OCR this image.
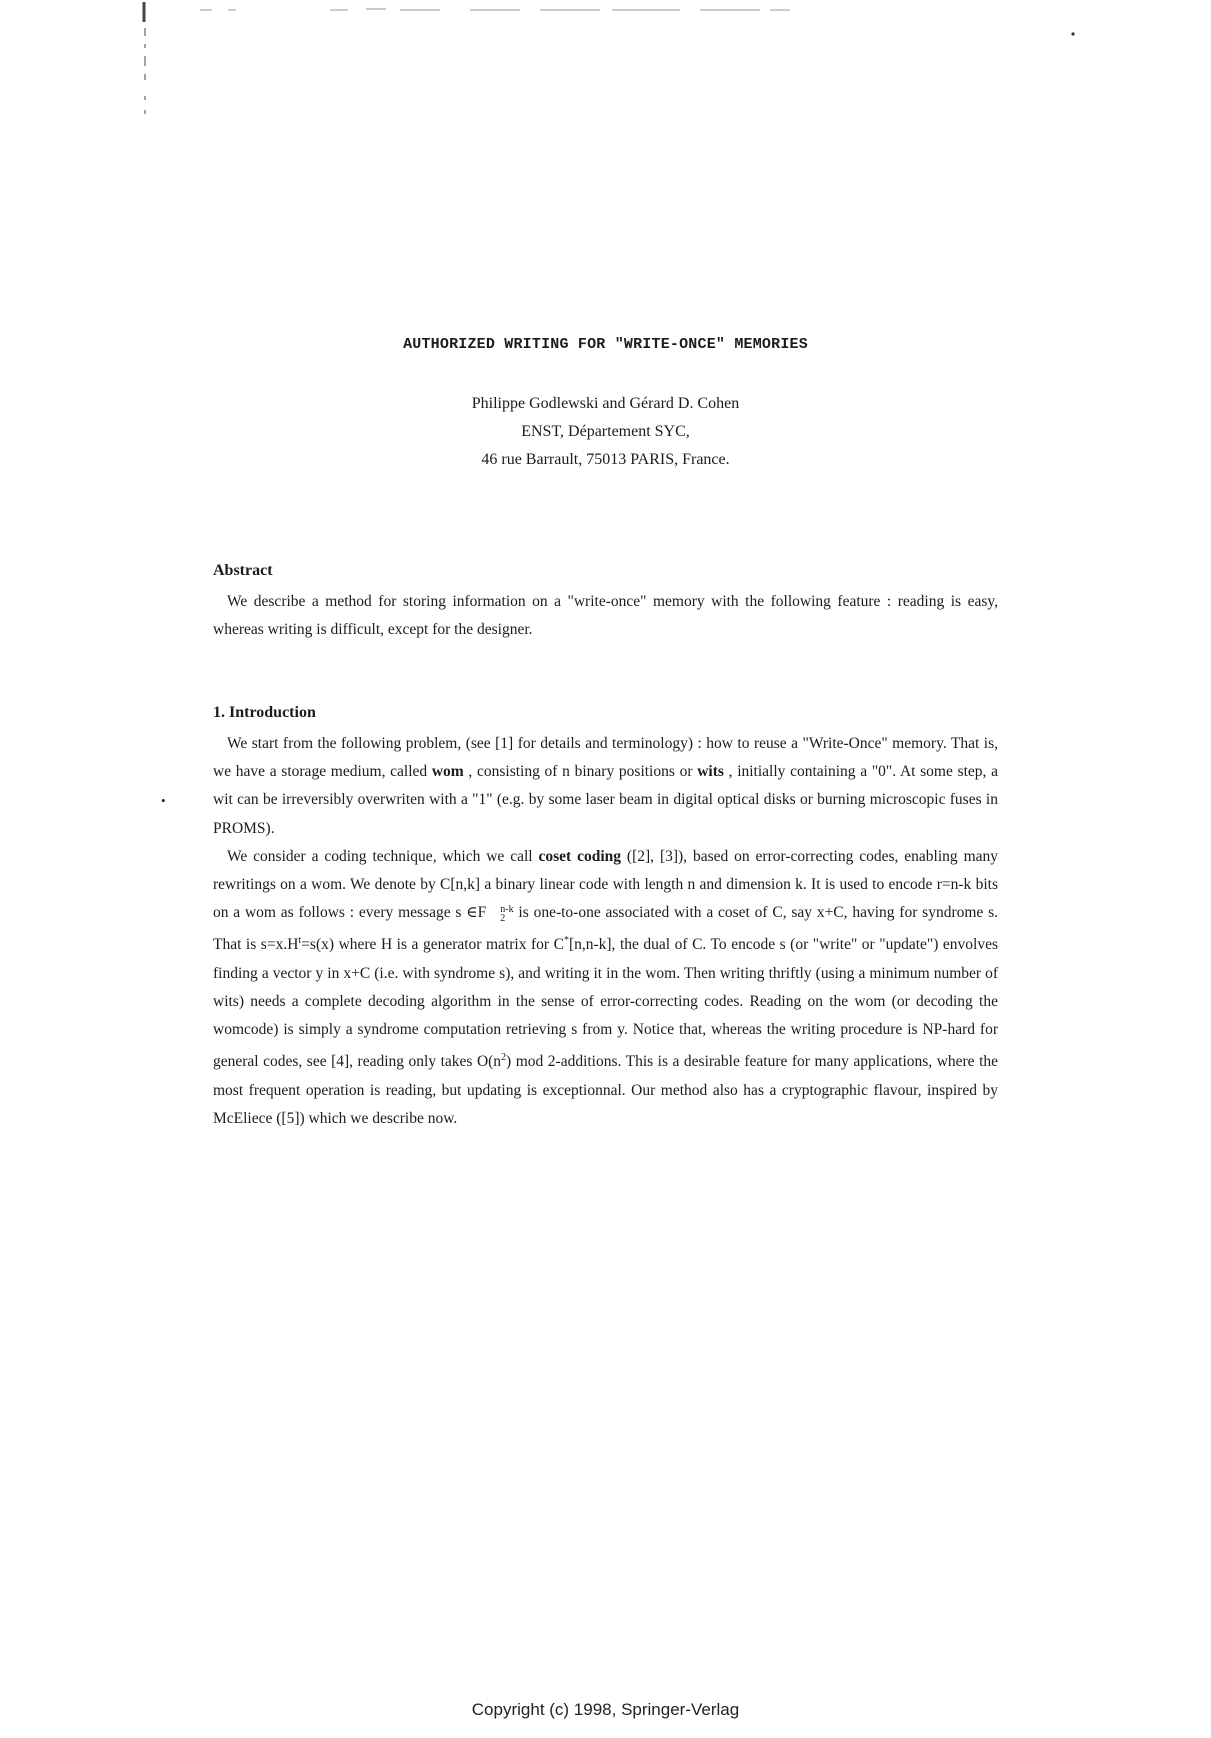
AUTHORIZED WRITING FOR "WRITE-ONCE" MEMORIES
Philippe Godlewski and Gérard D. Cohen
ENST, Département SYC,
46 rue Barrault, 75013 PARIS, France.
Abstract

We describe a method for storing information on a "write-once" memory with the following feature : reading is easy, whereas writing is difficult, except for the designer.

1. Introduction

We start from the following problem, (see [1] for details and terminology) : how to reuse a "Write-Once" memory. That is, we have a storage medium, called wom , consisting of n binary positions or wits , initially containing a "0". At some step, a wit can be irreversibly overwriten with a "1" (e.g. by some laser beam in digital optical disks or burning microscopic fuses in PROMS).

We consider a coding technique, which we call coset coding ([2], [3]), based on error-correcting codes, enabling many rewritings on a wom. We denote by C[n,k] a binary linear code with length n and dimension k. It is used to encode r=n-k bits on a wom as follows : every message s ∈F	n-k
2 is one-to-one associated with a coset of C, say x+C, having for syndrome s. That is $s=x.H^t=s(x)$ where H is a generator matrix for C*[n,n-k], the dual of C. To encode s (or "write" or "update") envolves finding a vector y in x+C (i.e. with syndrome s), and writing it in the wom. Then writing thriftly (using a minimum number of wits) needs a complete decoding algorithm in the sense of error-correcting codes. Reading on the wom (or decoding the womcode) is simply a syndrome computation retrieving s from y. Notice that, whereas the writing procedure is NP-hard for general codes, see [4], reading only takes $O(n^2)$ mod 2-additions. This is a desirable feature for many applications, where the most frequent operation is reading, but updating is exceptionnal. Our method also has a cryptographic flavour, inspired by McEliece ([5]) which we describe now.

•
Copyright (c) 1998, Springer-Verlag
